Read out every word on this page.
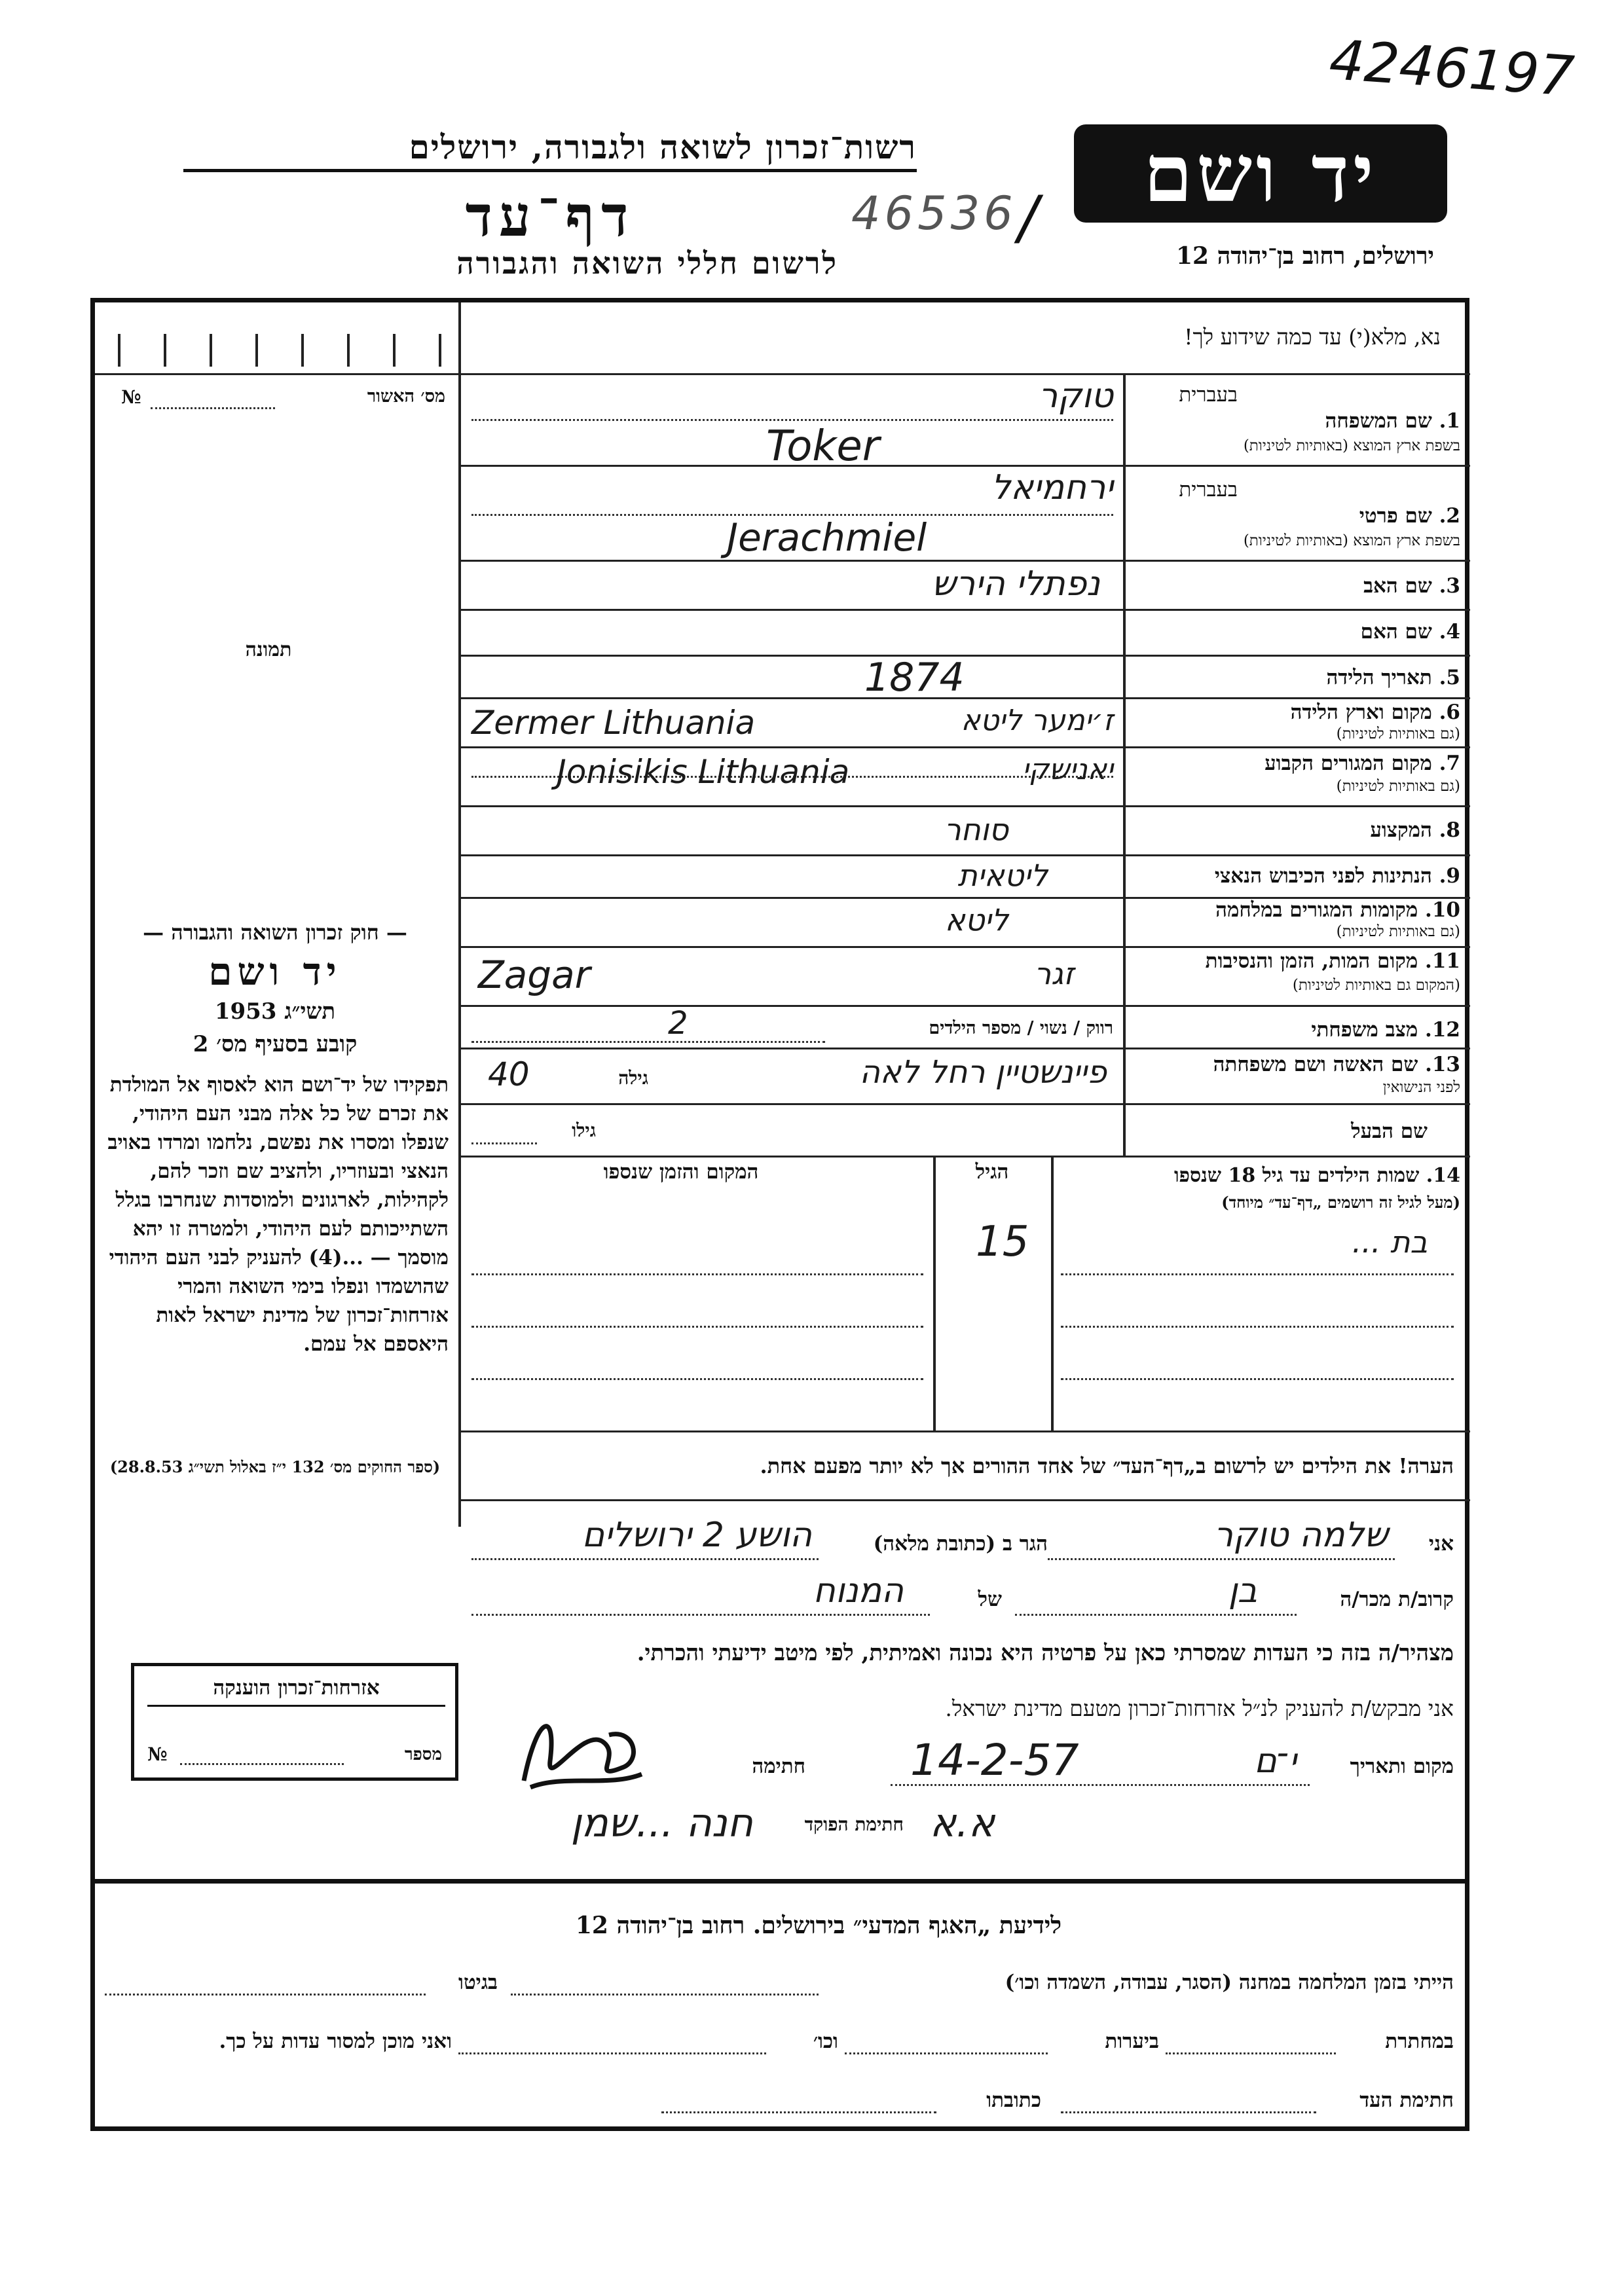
4246197
רשות־זכרון לשואה ולגבורה, ירושלים
דף־עד
לרשום חללי השואה והגבורה
46536 /	יד ושם
ירושלים, רחוב בן־יהודה 12
נא, מלא(י) עד כמה שידוע לך!
מס׳ האשור
№
תמונה
בעברית
1. שם המשפחה
בשפת ארץ המוצא (באותיות לטיניות)
בעברית
2. שם פרטי
בשפת ארץ המוצא (באותיות לטיניות)
3. שם האב
4. שם האם
5. תאריך הלידה
6. מקום וארץ הלידה
(גם באותיות לטיניות)
7. מקום המגורים הקבוע
(גם באותיות לטיניות)
8. המקצוע
9. הנתינות לפני הכיבוש הנאצי
10. מקומות המגורים במלחמה
(גם באותיות לטיניות)
11. מקום המות, הזמן והנסיבות
(המקום גם באותיות לטיניות)
12. מצב משפחתי
13. שם האשה ושם משפחתה
לפני הנישואין
שם הבעל
טוקר
Toker
ירחמיאל
Jerachmiel
נפתלי הירש
1874
ז׳ימער ליטא
Zermer Lithuania
יאנישקי
Jonisikis Lithuania
סוחר
ליטאית
ליטא
זגר
Zagar
רווק / נשוי / מספר הילדים
2
פיינשטיין רחל לאה
גילה
40
גילו
14. שמות הילדים עד גיל 18 שנספו
(מעל לגיל זה רושמים „דף־עד״ מיוחד)
הגיל
המקום והזמן שנספו
בת ...
15
הערה! את הילדים יש לרשום ב„דף־העד״ של אחד ההורים אך לא יותר מפעם אחת.
— חוק זכרון השואה והגבורה —
יד ושם
תשי״ג 1953
קובע בסעיף מס׳ 2
תפקידו של יד־ושם הוא לאסוף אל המולדת את זכרם של כל אלה מבני העם היהודי, שנפלו ומסרו את נפשם, נלחמו ומרדו באויב הנאצי ובעוזריו, ולהציב שם וזכר להם, לקהילות, לארגונים ולמוסדות שנחרבו בגלל השתייכותם לעם היהודי, ולמטרה זו יהא מוסמך — ...(4) להעניק לבני העם היהודי שהושמדו ונפלו בימי השואה והמרי אזרחות־זכרון של מדינת ישראל לאות היאספם אל עמם.
(ספר החוקים מס׳ 132 י״ז באלול תשי״ג 28.8.53)
אני
שלמה טוקר
הגר ב (כתובת מלאה)
הושע 2 ירושלים
קרוב/ת מכר/ה
בן
של
המנוח
מצהיר/ה בזה כי העדות שמסרתי כאן על פרטיה היא נכונה ואמיתית, לפי מיטב ידיעתי והכרתי.
אני מבקש/ת להעניק לנ״ל אזרחות־זכרון מטעם מדינת ישראל.
מקום ותאריך
י־ם
14-2-57
חתימה
חתימת הפוקד א.א
חנה ...שמן
אזרחות־זכרון הוענקה
מספר
№
לידיעת „האגף המדעי״ בירושלים. רחוב בן־יהודה 12
הייתי בזמן המלחמה במחנה (הסגר, עבודה, השמדה וכו׳)
בגיטו
במחתרת
ביערות
וכו׳
ואני מוכן למסור עדות על כך.
חתימת העד
כתובתו
